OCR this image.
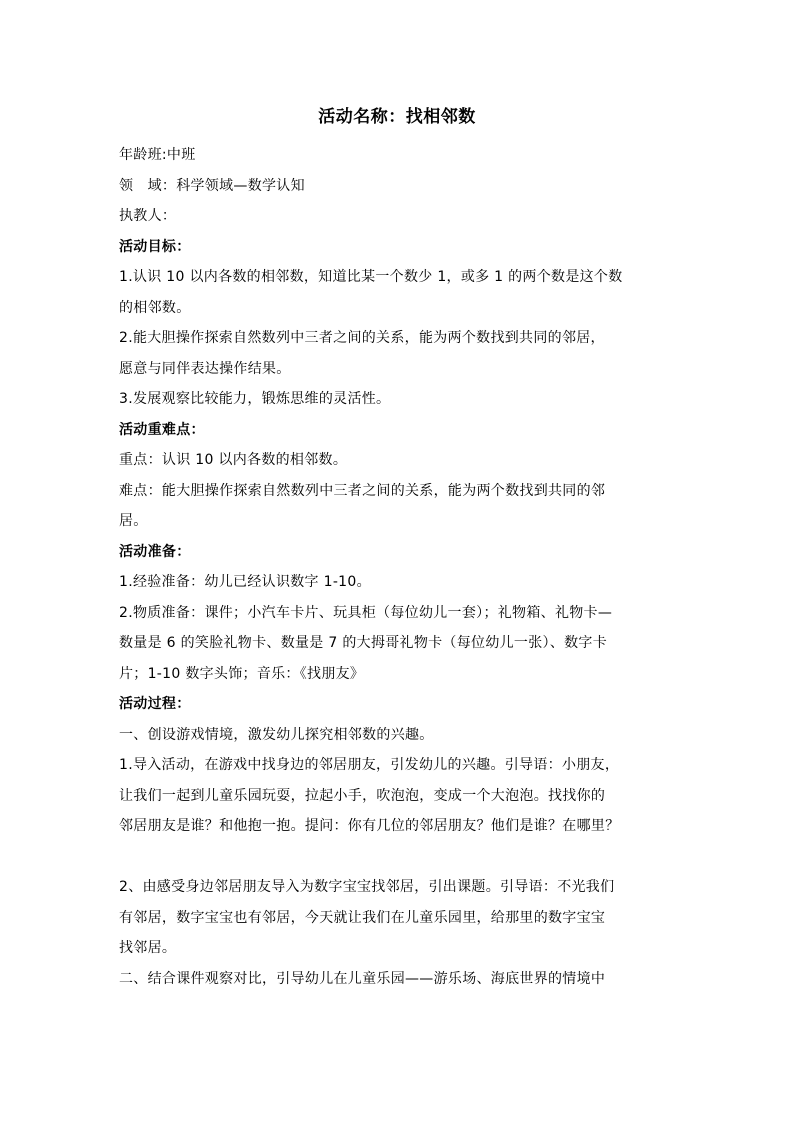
活动名称：找相邻数
年龄班:中班
领　域：科学领域—数学认知
执教人：
活动目标：
1.认识 10 以内各数的相邻数，知道比某一个数少 1，或多 1 的两个数是这个数
的相邻数。
2.能大胆操作探索自然数列中三者之间的关系，能为两个数找到共同的邻居，
愿意与同伴表达操作结果。
3.发展观察比较能力，锻炼思维的灵活性。
活动重难点：
重点：认识 10 以内各数的相邻数。
难点：能大胆操作探索自然数列中三者之间的关系，能为两个数找到共同的邻
居。
活动准备：
1.经验准备：幼儿已经认识数字 1-10。
2.物质准备：课件；小汽车卡片、玩具柜（每位幼儿一套）；礼物箱、礼物卡—
数量是 6 的笑脸礼物卡、数量是 7 的大拇哥礼物卡（每位幼儿一张）、数字卡
片；1-10 数字头饰；音乐：《找朋友》
活动过程：
一、创设游戏情境，激发幼儿探究相邻数的兴趣。
1.导入活动，在游戏中找身边的邻居朋友，引发幼儿的兴趣。引导语：小朋友，
让我们一起到儿童乐园玩耍，拉起小手，吹泡泡，变成一个大泡泡。找找你的
邻居朋友是谁？和他抱一抱。提问：你有几位的邻居朋友？他们是谁？在哪里？
2、由感受身边邻居朋友导入为数字宝宝找邻居，引出课题。引导语：不光我们
有邻居，数字宝宝也有邻居，今天就让我们在儿童乐园里，给那里的数字宝宝
找邻居。
二、结合课件观察对比，引导幼儿在儿童乐园——游乐场、海底世界的情境中
